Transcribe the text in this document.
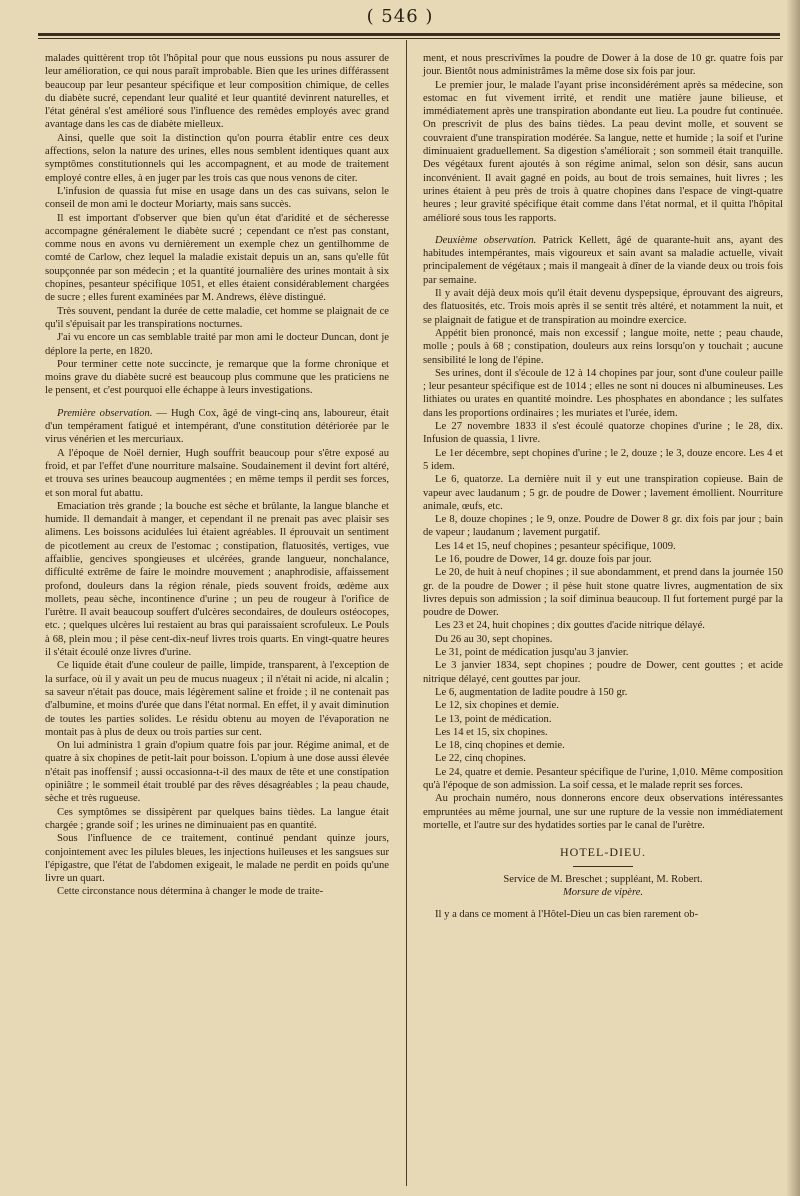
( 546 )

malades quittèrent trop tôt l'hôpital pour que nous eussions pu nous assurer de leur amélioration, ce qui nous paraît improbable. Bien que les urines différassent beaucoup par leur pesanteur spécifique et leur composition chimique, de celles du diabète sucré, cependant leur qualité et leur quantité devinrent naturelles, et l'état général s'est amélioré sous l'influence des remèdes employés avec grand avantage dans les cas de diabète mielleux.

Ainsi, quelle que soit la distinction qu'on pourra établir entre ces deux affections, selon la nature des urines, elles nous semblent identiques quant aux symptômes constitutionnels qui les accompagnent, et au mode de traitement employé contre elles, à en juger par les trois cas que nous venons de citer.

L'infusion de quassia fut mise en usage dans un des cas suivans, selon le conseil de mon ami le docteur Moriarty, mais sans succès.

Il est important d'observer que bien qu'un état d'aridité et de sécheresse accompagne généralement le diabète sucré ; cependant ce n'est pas constant, comme nous en avons vu dernièrement un exemple chez un gentilhomme de comté de Carlow, chez lequel la maladie existait depuis un an, sans qu'elle fût soupçonnée par son médecin ; et la quantité journalière des urines montait à six chopines, pesanteur spécifique 1051, et elles étaient considérablement chargées de sucre ; elles furent examinées par M. Andrews, élève distingué.

Très souvent, pendant la durée de cette maladie, cet homme se plaignait de ce qu'il s'épuisait par les transpirations nocturnes.

J'ai vu encore un cas semblable traité par mon ami le docteur Duncan, dont je déplore la perte, en 1820.

Pour terminer cette note succincte, je remarque que la forme chronique et moins grave du diabète sucré est beaucoup plus commune que les praticiens ne le pensent, et c'est pourquoi elle échappe à leurs investigations.

Première observation. — Hugh Cox, âgé de vingt-cinq ans, laboureur, était d'un tempérament fatigué et intempérant, d'une constitution détériorée par le virus vénérien et les mercuriaux.

A l'époque de Noël dernier, Hugh souffrit beaucoup pour s'être exposé au froid, et par l'effet d'une nourriture malsaine. Soudainement il devint fort altéré, et trouva ses urines beaucoup augmentées ; en même temps il perdit ses forces, et son moral fut abattu.

Emaciation très grande ; la bouche est sèche et brûlante, la langue blanche et humide. Il demandait à manger, et cependant il ne prenait pas avec plaisir ses alimens. Les boissons acidulées lui étaient agréables. Il éprouvait un sentiment de picotlement au creux de l'estomac ; constipation, flatuosités, vertiges, vue affaiblie, gencives spongieuses et ulcérées, grande langueur, nonchalance, difficulté extrême de faire le moindre mouvement ; anaphrodisie, affaissement profond, douleurs dans la région rénale, pieds souvent froids, œdème aux mollets, peau sèche, incontinence d'urine ; un peu de rougeur à l'orifice de l'urètre. Il avait beaucoup souffert d'ulcères secondaires, de douleurs ostéocopes, etc. ; quelques ulcères lui restaient au bras qui paraissaient scrofuleux. Le Pouls à 68, plein mou ; il pèse cent-dix-neuf livres trois quarts. En vingt-quatre heures il s'était écoulé onze livres d'urine.

Ce liquide était d'une couleur de paille, limpide, transparent, à l'exception de la surface, où il y avait un peu de mucus nuageux ; il n'était ni acide, ni alcalin ; sa saveur n'était pas douce, mais légèrement saline et froide ; il ne contenait pas d'albumine, et moins d'urée que dans l'état normal. En effet, il y avait diminution de toutes les parties solides. Le résidu obtenu au moyen de l'évaporation ne montait pas à plus de deux ou trois parties sur cent.

On lui administra 1 grain d'opium quatre fois par jour. Régime animal, et de quatre à six chopines de petit-lait pour boisson. L'opium à une dose aussi élevée n'était pas inoffensif ; aussi occasionna-t-il des maux de tête et une constipation opiniâtre ; le sommeil était troublé par des rêves désagréables ; la peau chaude, sèche et très rugueuse.

Ces symptômes se dissipèrent par quelques bains tièdes. La langue était chargée ; grande soif ; les urines ne diminuaient pas en quantité.

Sous l'influence de ce traitement, continué pendant quinze jours, conjointement avec les pilules bleues, les injections huileuses et les sangsues sur l'épigastre, que l'état de l'abdomen exigeait, le malade ne perdit en poids qu'une livre un quart.

Cette circonstance nous détermina à changer le mode de traite-

ment, et nous prescrivîmes la poudre de Dower à la dose de 10 gr. quatre fois par jour. Bientôt nous administrâmes la même dose six fois par jour.

Le premier jour, le malade l'ayant prise inconsidérément après sa médecine, son estomac en fut vivement irrité, et rendit une matière jaune bilieuse, et immédiatement après une transpiration abondante eut lieu. La poudre fut continuée. On prescrivit de plus des bains tièdes. La peau devint molle, et souvent se couvraient d'une transpiration modérée. Sa langue, nette et humide ; la soif et l'urine diminuaient graduellement. Sa digestion s'améliorait ; son sommeil était tranquille. Des végétaux furent ajoutés à son régime animal, selon son désir, sans aucun inconvénient. Il avait gagné en poids, au bout de trois semaines, huit livres ; les urines étaient à peu près de trois à quatre chopines dans l'espace de vingt-quatre heures ; leur gravité spécifique était comme dans l'état normal, et il quitta l'hôpital amélioré sous tous les rapports.

Deuxième observation. Patrick Kellett, âgé de quarante-huit ans, ayant des habitudes intempérantes, mais vigoureux et sain avant sa maladie actuelle, vivait principalement de végétaux ; mais il mangeait à dîner de la viande deux ou trois fois par semaine.

Il y avait déjà deux mois qu'il était devenu dyspepsique, éprouvant des aigreurs, des flatuosités, etc. Trois mois après il se sentit très altéré, et notamment la nuit, et se plaignait de fatigue et de transpiration au moindre exercice.

Appétit bien prononcé, mais non excessif ; langue moite, nette ; peau chaude, molle ; pouls à 68 ; constipation, douleurs aux reins lorsqu'on y touchait ; aucune sensibilité le long de l'épine.

Ses urines, dont il s'écoule de 12 à 14 chopines par jour, sont d'une couleur paille ; leur pesanteur spécifique est de 1014 ; elles ne sont ni douces ni albumineuses. Les lithiates ou urates en quantité moindre. Les phosphates en abondance ; les sulfates dans les proportions ordinaires ; les muriates et l'urée, idem.

Le 27 novembre 1833 il s'est écoulé quatorze chopines d'urine ; le 28, dix. Infusion de quassia, 1 livre.

Le 1er décembre, sept chopines d'urine ; le 2, douze ; le 3, douze encore. Les 4 et 5 idem.

Le 6, quatorze. La dernière nuit il y eut une transpiration copieuse. Bain de vapeur avec laudanum ; 5 gr. de poudre de Dower ; lavement émollient. Nourriture animale, œufs, etc.

Le 8, douze chopines ; le 9, onze. Poudre de Dower 8 gr. dix fois par jour ; bain de vapeur ; laudanum ; lavement purgatif.

Les 14 et 15, neuf chopines ; pesanteur spécifique, 1009.

Le 16, poudre de Dower, 14 gr. douze fois par jour.

Le 20, de huit à neuf chopines ; il sue abondamment, et prend dans la journée 150 gr. de la poudre de Dower ; il pèse huit stone quatre livres, augmentation de six livres depuis son admission ; la soif diminua beaucoup. Il fut fortement purgé par la poudre de Dower.

Les 23 et 24, huit chopines ; dix gouttes d'acide nitrique délayé.

Du 26 au 30, sept chopines.

Le 31, point de médication jusqu'au 3 janvier.

Le 3 janvier 1834, sept chopines ; poudre de Dower, cent gouttes ; et acide nitrique délayé, cent gouttes par jour.

Le 6, augmentation de ladite poudre à 150 gr.

Le 12, six chopines et demie.

Le 13, point de médication.

Les 14 et 15, six chopines.

Le 18, cinq chopines et demie.

Le 22, cinq chopines.

Le 24, quatre et demie. Pesanteur spécifique de l'urine, 1,010. Même composition qu'à l'époque de son admission. La soif cessa, et le malade reprit ses forces.

Au prochain numéro, nous donnerons encore deux observations intéressantes empruntées au même journal, une sur une rupture de la vessie non immédiatement mortelle, et l'autre sur des hydatides sorties par le canal de l'urètre.

HOTEL-DIEU.

Service de M. Breschet ; suppléant, M. Robert.

Morsure de vipère.

Il y a dans ce moment à l'Hôtel-Dieu un cas bien rarement ob-
